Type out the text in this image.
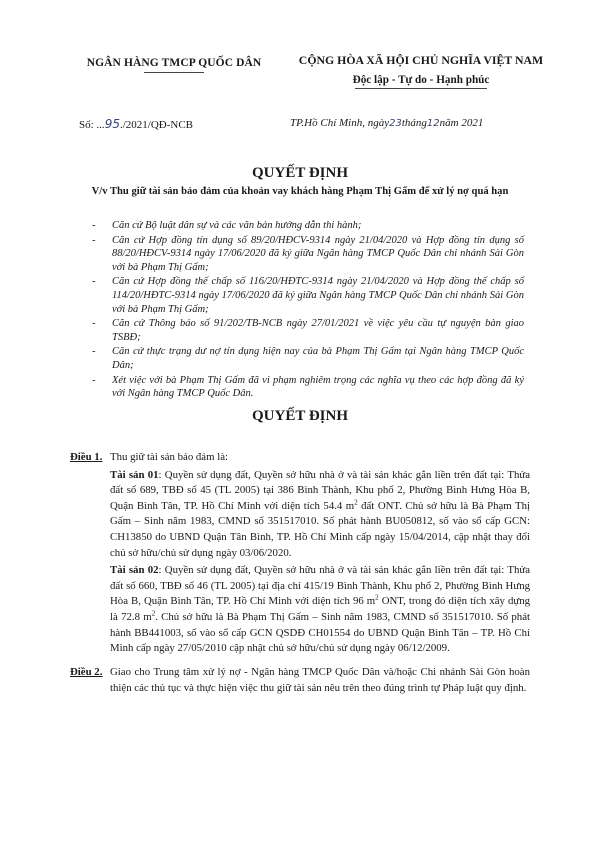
NGÂN HÀNG TMCP QUỐC DÂN	CỘNG HÒA XÃ HỘI CHỦ NGHĨA VIỆT NAM
Độc lập - Tự do - Hạnh phúc
Số: ...95./2021/QĐ-NCB	TP.Hồ Chí Minh, ngày23tháng12năm 2021
QUYẾT ĐỊNH
V/v Thu giữ tài sản bảo đảm của khoản vay khách hàng Phạm Thị Gấm để xử lý nợ quá hạn
- Căn cứ Bộ luật dân sự và các văn bản hướng dẫn thi hành;
- Căn cứ Hợp đồng tín dụng số 89/20/HĐCV-9314 ngày 21/04/2020 và Hợp đồng tín dụng số 88/20/HĐCV-9314 ngày 17/06/2020 đã ký giữa Ngân hàng TMCP Quốc Dân chi nhánh Sài Gòn với bà Phạm Thị Gấm;
- Căn cứ Hợp đồng thế chấp số 116/20/HĐTC-9314 ngày 21/04/2020 và Hợp đồng thế chấp số 114/20/HĐTC-9314 ngày 17/06/2020 đã ký giữa Ngân hàng TMCP Quốc Dân chi nhánh Sài Gòn với bà Phạm Thị Gấm;
- Căn cứ Thông báo số 91/202/TB-NCB ngày 27/01/2021 về việc yêu cầu tự nguyện bàn giao TSBĐ;
- Căn cứ thực trạng dư nợ tín dụng hiện nay của bà Phạm Thị Gấm tại Ngân hàng TMCP Quốc Dân;
- Xét việc với bà Phạm Thị Gấm đã vi phạm nghiêm trọng các nghĩa vụ theo các hợp đồng đã ký với Ngân hàng TMCP Quốc Dân.
QUYẾT ĐỊNH
Điều 1. Thu giữ tài sản bảo đảm là:
Tài sản 01: Quyền sử dụng đất, Quyền sở hữu nhà ở và tài sản khác gắn liền trên đất tại: Thửa đất số 689, TBĐ số 45 (TL 2005) tại 386 Bình Thành, Khu phố 2, Phường Bình Hưng Hòa B, Quận Bình Tân, TP. Hồ Chí Minh với diện tích 54.4 $m^2$ đất ONT. Chủ sở hữu là Bà Phạm Thị Gấm – Sinh năm 1983, CMND số 351517010. Số phát hành BU050812, số vào sổ cấp GCN: CH13850 do UBND Quận Tân Bình, TP. Hồ Chí Minh cấp ngày 15/04/2014, cập nhật thay đổi chủ sở hữu/chủ sử dụng ngày 03/06/2020.
Tài sản 02: Quyền sử dụng đất, Quyền sở hữu nhà ở và tài sản khác gắn liền trên đất tại: Thửa đất số 660, TBĐ số 46 (TL 2005) tại địa chỉ 415/19 Bình Thành, Khu phố 2, Phường Bình Hưng Hòa B, Quận Bình Tân, TP. Hồ Chí Minh với diện tích 96 $m^2$ ONT, trong đó diện tích xây dựng là 72.8 $m^2$. Chủ sở hữu là Bà Phạm Thị Gấm – Sinh năm 1983, CMND số 351517010. Số phát hành BB441003, số vào sổ cấp GCN QSDĐ CH01554 do UBND Quận Bình Tân – TP. Hồ Chí Minh cấp ngày 27/05/2010 cập nhật chủ sở hữu/chủ sử dụng ngày 06/12/2009.
Điều 2. Giao cho Trung tâm xử lý nợ - Ngân hàng TMCP Quốc Dân và/hoặc Chi nhánh Sài Gòn hoàn thiện các thủ tục và thực hiện việc thu giữ tài sản nêu trên theo đúng trình tự Pháp luật quy định.
